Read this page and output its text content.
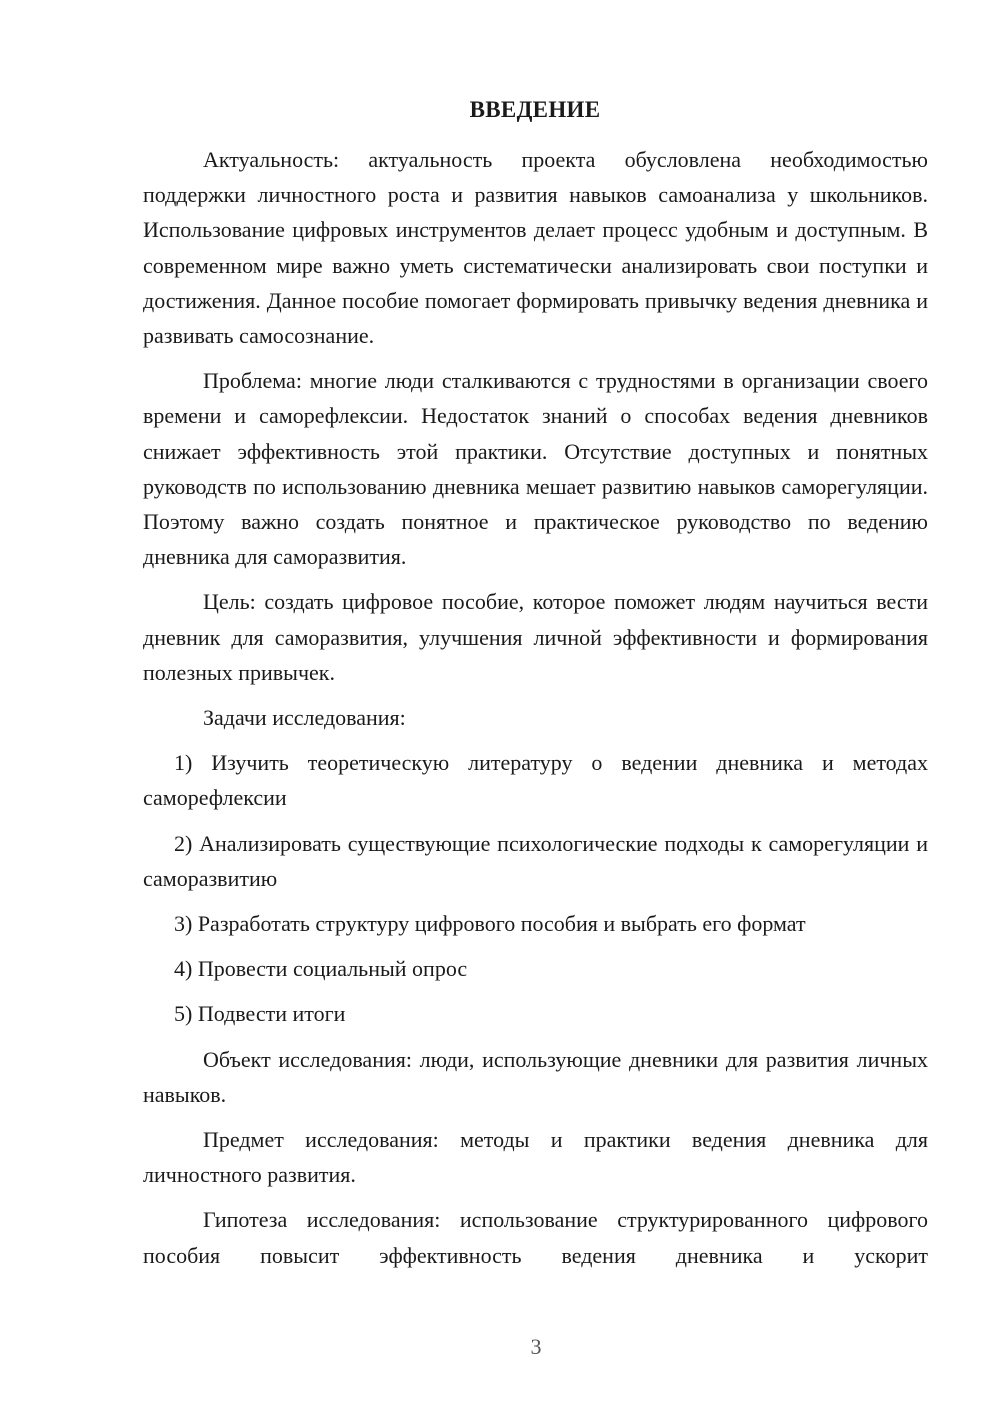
ВВЕДЕНИЕ

Актуальность: актуальность проекта обусловлена необходимостью поддержки личностного роста и развития навыков самоанализа у школьников. Использование цифровых инструментов делает процесс удобным и доступным. В современном мире важно уметь систематически анализировать свои поступки и достижения. Данное пособие помогает формировать привычку ведения дневника и развивать самосознание.

Проблема: многие люди сталкиваются с трудностями в организации своего времени и саморефлексии. Недостаток знаний о способах ведения дневников снижает эффективность этой практики. Отсутствие доступных и понятных руководств по использованию дневника мешает развитию навыков саморегуляции. Поэтому важно создать понятное и практическое руководство по ведению дневника для саморазвития.

Цель: создать цифровое пособие, которое поможет людям научиться вести дневник для саморазвития, улучшения личной эффективности и формирования полезных привычек.

Задачи исследования:

1) Изучить теоретическую литературу о ведении дневника и методах саморефлексии

2) Анализировать существующие психологические подходы к саморегуляции и саморазвитию

3) Разработать структуру цифрового пособия и выбрать его формат

4) Провести социальный опрос

5) Подвести итоги

Объект исследования: люди, использующие дневники для развития личных навыков.

Предмет исследования: методы и практики ведения дневника для личностного развития.

Гипотеза исследования: использование структурированного цифрового пособия повысит эффективность ведения дневника и ускорит

3
